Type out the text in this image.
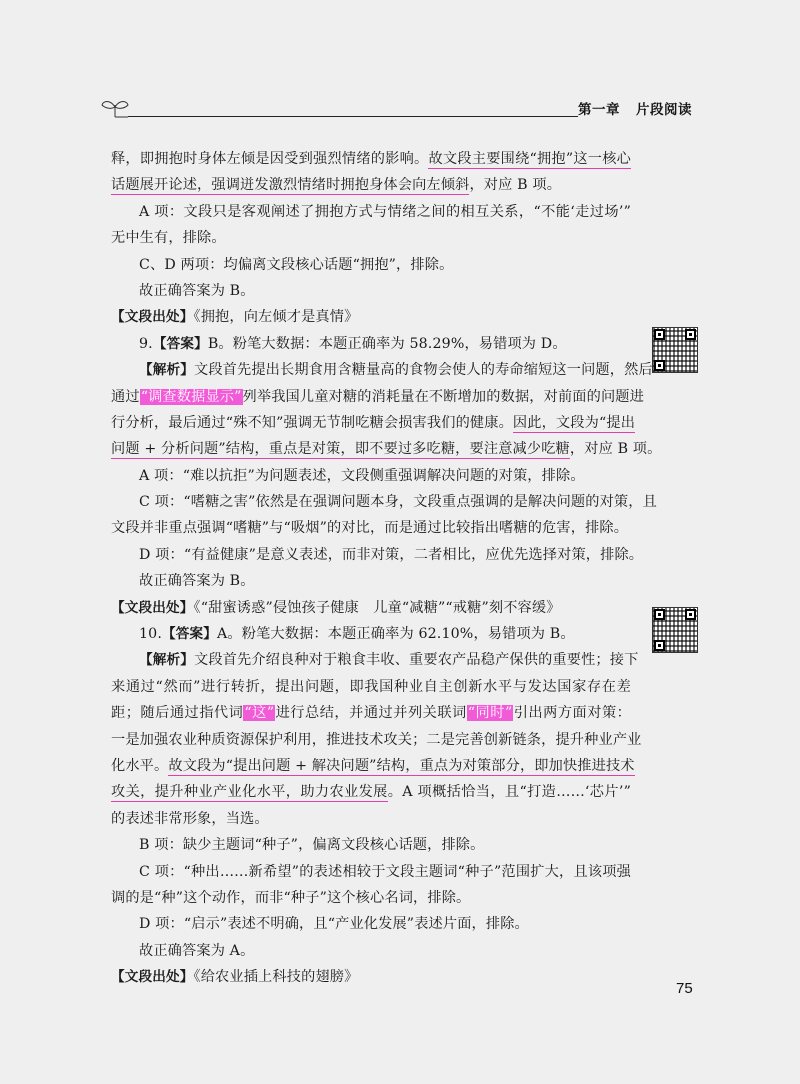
第一章 片段阅读
释，即拥抱时身体左倾是因受到强烈情绪的影响。故文段主要围绕“拥抱”这一核心
话题展开论述，强调迸发激烈情绪时拥抱身体会向左倾斜，对应 B 项。
A 项：文段只是客观阐述了拥抱方式与情绪之间的相互关系，“不能‘走过场’”
无中生有，排除。
C、D 两项：均偏离文段核心话题“拥抱”，排除。
故正确答案为 B。
【文段出处】《拥抱，向左倾才是真情》
9.【答案】B。粉笔大数据：本题正确率为 58.29%，易错项为 D。
【解析】文段首先提出长期食用含糖量高的食物会使人的寿命缩短这一问题，然后
通过“调查数据显示”列举我国儿童对糖的消耗量在不断增加的数据，对前面的问题进
行分析，最后通过“殊不知”强调无节制吃糖会损害我们的健康。因此，文段为“提出
问题 + 分析问题”结构，重点是对策，即不要过多吃糖，要注意减少吃糖，对应 B 项。
A 项：“难以抗拒”为问题表述，文段侧重强调解决问题的对策，排除。
C 项：“嗜糖之害”依然是在强调问题本身，文段重点强调的是解决问题的对策，且
文段并非重点强调“嗜糖”与“吸烟”的对比，而是通过比较指出嗜糖的危害，排除。
D 项：“有益健康”是意义表述，而非对策，二者相比，应优先选择对策，排除。
故正确答案为 B。
【文段出处】《“甜蜜诱惑”侵蚀孩子健康　儿童“减糖”“戒糖”刻不容缓》
10.【答案】A。粉笔大数据：本题正确率为 62.10%，易错项为 B。
【解析】文段首先介绍良种对于粮食丰收、重要农产品稳产保供的重要性；接下
来通过“然而”进行转折，提出问题，即我国种业自主创新水平与发达国家存在差
距；随后通过指代词“这”进行总结，并通过并列关联词“同时”引出两方面对策：
一是加强农业种质资源保护利用，推进技术攻关；二是完善创新链条，提升种业产业
化水平。故文段为“提出问题 + 解决问题”结构，重点为对策部分，即加快推进技术
攻关，提升种业产业化水平，助力农业发展。A 项概括恰当，且“打造……‘芯片’”
的表述非常形象，当选。
B 项：缺少主题词“种子”，偏离文段核心话题，排除。
C 项：“种出……新希望”的表述相较于文段主题词“种子”范围扩大，且该项强
调的是“种”这个动作，而非“种子”这个核心名词，排除。
D 项：“启示”表述不明确，且“产业化发展”表述片面，排除。
故正确答案为 A。
【文段出处】《给农业插上科技的翅膀》
75
